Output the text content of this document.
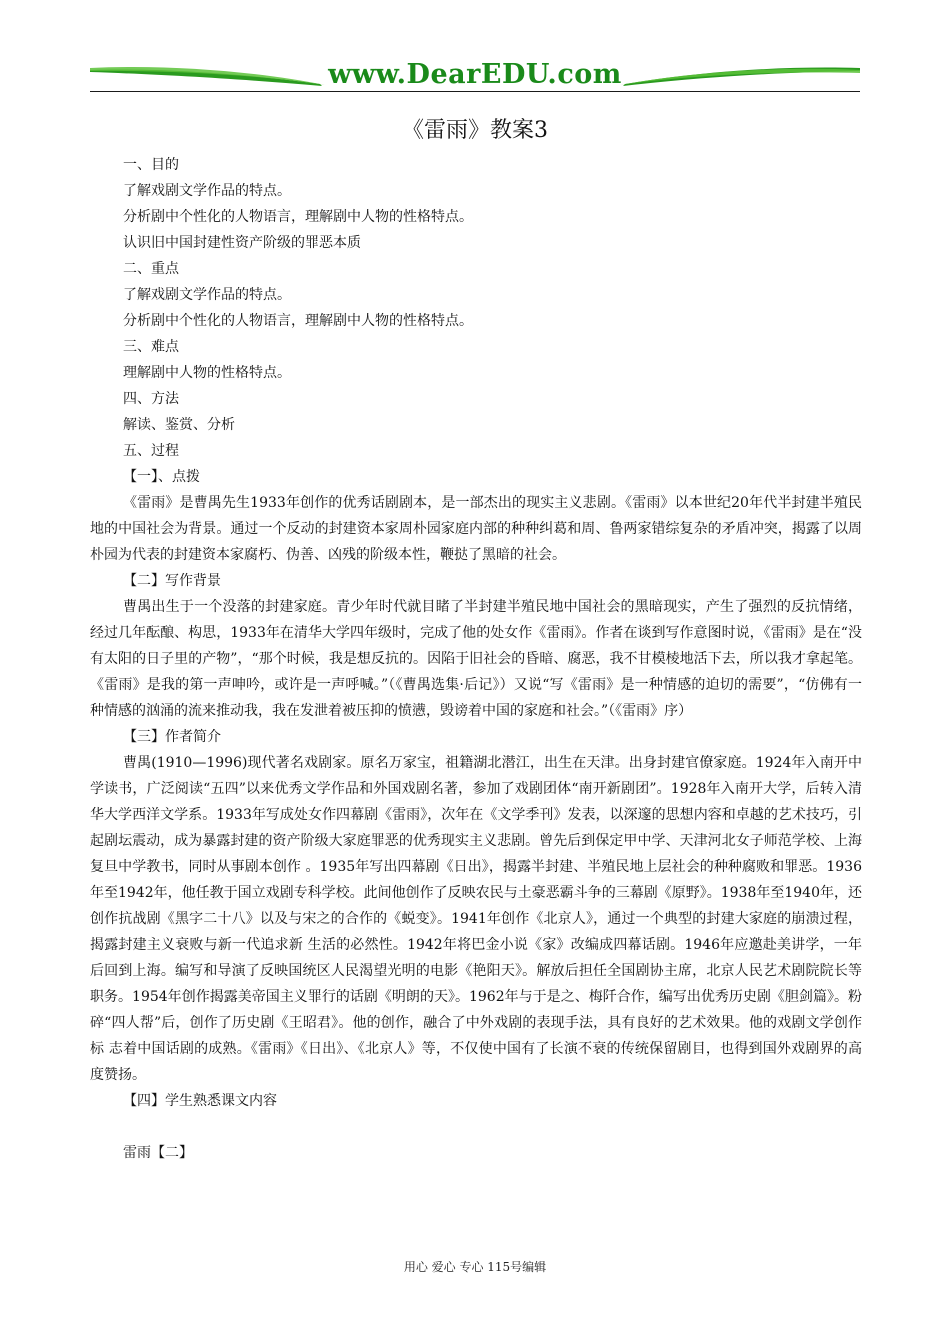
www.DearEDU.com
《雷雨》教案3

一、目的

了解戏剧文学作品的特点。

分析剧中个性化的人物语言，理解剧中人物的性格特点。

认识旧中国封建性资产阶级的罪恶本质

二、重点

了解戏剧文学作品的特点。

分析剧中个性化的人物语言，理解剧中人物的性格特点。

三、难点

理解剧中人物的性格特点。

四、方法

解读、鉴赏、分析

五、过程

【一】、点拨

《雷雨》是曹禺先生1933年创作的优秀话剧剧本，是一部杰出的现实主义悲剧。《雷雨》以本世纪20年代半封建半殖民地的中国社会为背景。通过一个反动的封建资本家周朴园家庭内部的种种纠葛和周、鲁两家错综复杂的矛盾冲突，揭露了以周朴园为代表的封建资本家腐朽、伪善、凶残的阶级本性，鞭挞了黑暗的社会。

【二】写作背景

曹禺出生于一个没落的封建家庭。青少年时代就目睹了半封建半殖民地中国社会的黑暗现实，产生了强烈的反抗情绪，经过几年酝酿、构思，1933年在清华大学四年级时，完成了他的处女作《雷雨》。作者在谈到写作意图时说，《雷雨》是在“没有太阳的日子里的产物”，“那个时候，我是想反抗的。因陷于旧社会的昏暗、腐恶，我不甘模棱地活下去，所以我才拿起笔。《雷雨》是我的第一声呻吟，或许是一声呼喊。”（《曹禺选集·后记》）又说“写《雷雨》是一种情感的迫切的需要”，“仿佛有一种情感的汹涌的流来推动我，我在发泄着被压抑的愤懑，毁谤着中国的家庭和社会。”（《雷雨》序）

【三】作者简介

曹禺(1910—1996)现代著名戏剧家。原名万家宝，祖籍湖北潜江，出生在天津。出身封建官僚家庭。1924年入南开中学读书，广泛阅读“五四”以来优秀文学作品和外国戏剧名著，参加了戏剧团体“南开新剧团”。1928年入南开大学，后转入清华大学西洋文学系。1933年写成处女作四幕剧《雷雨》，次年在《文学季刊》发表，以深邃的思想内容和卓越的艺术技巧，引起剧坛震动，成为暴露封建的资产阶级大家庭罪恶的优秀现实主义悲剧。曾先后到保定甲中学、天津河北女子师范学校、上海复旦中学教书，同时从事剧本创作 。1935年写出四幕剧《日出》，揭露半封建、半殖民地上层社会的种种腐败和罪恶。1936年至1942年，他任教于国立戏剧专科学校。此间他创作了反映农民与土豪恶霸斗争的三幕剧《原野》。1938年至1940年，还创作抗战剧《黑字二十八》以及与宋之的合作的《蜕变》。1941年创作《北京人》，通过一个典型的封建大家庭的崩溃过程，揭露封建主义衰败与新一代追求新 生活的必然性。1942年将巴金小说《家》改编成四幕话剧。1946年应邀赴美讲学，一年后回到上海。编写和导演了反映国统区人民渴望光明的电影《艳阳天》。解放后担任全国剧协主席，北京人民艺术剧院院长等职务。1954年创作揭露美帝国主义罪行的话剧《明朗的天》。1962年与于是之、梅阡合作，编写出优秀历史剧《胆剑篇》。粉碎“四人帮”后，创作了历史剧《王昭君》。他的创作，融合了中外戏剧的表现手法，具有良好的艺术效果。他的戏剧文学创作标 志着中国话剧的成熟。《雷雨》《日出》、《北京人》等，不仅使中国有了长演不衰的传统保留剧目，也得到国外戏剧界的高度赞扬。

【四】学生熟悉课文内容

雷雨【二】

用心 爱心 专心 115号编辑
